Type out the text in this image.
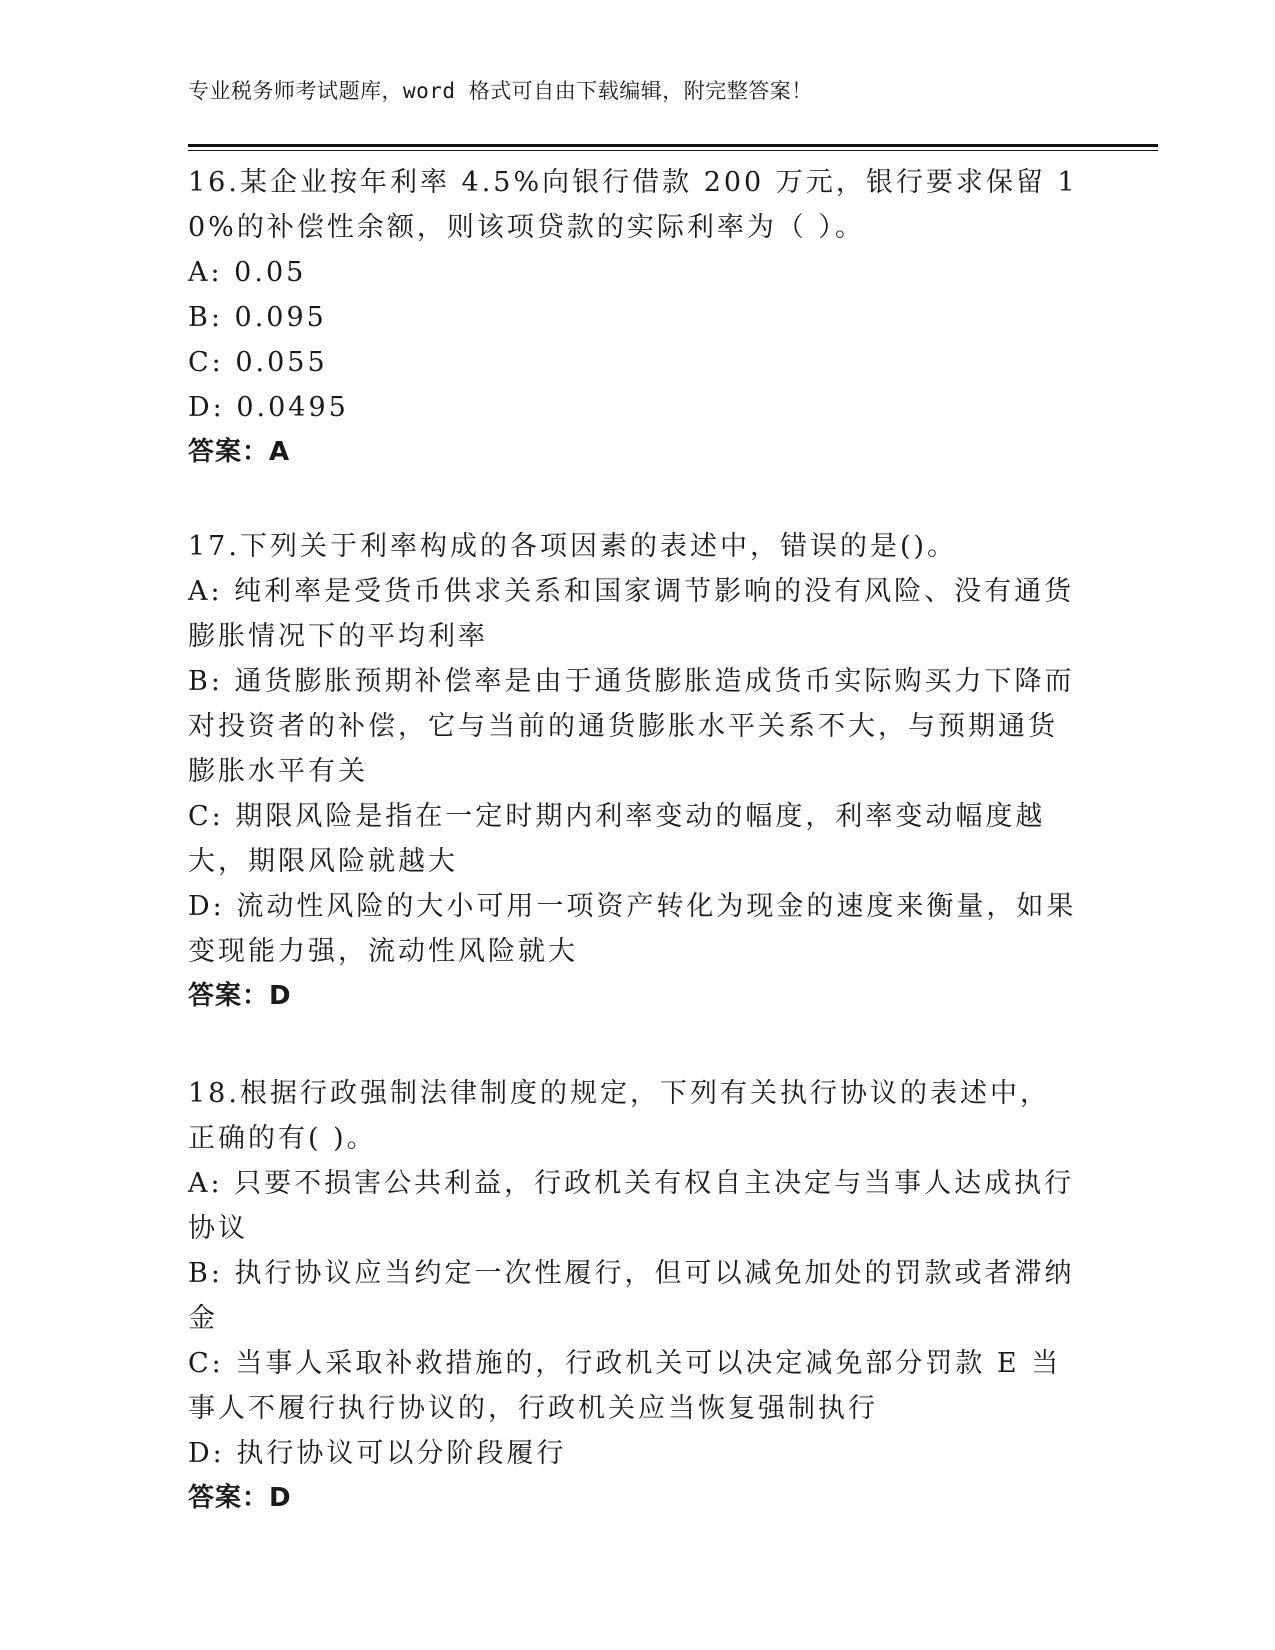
专业税务师考试题库，word 格式可自由下载编辑，附完整答案！

16.某企业按年利率 4.5%向银行借款 200 万元，银行要求保留 10%的补偿性余额，则该项贷款的实际利率为（ ）。

A: 0.05

B: 0.095

C: 0.055

D: 0.0495

答案：A

17.下列关于利率构成的各项因素的表述中，错误的是()。

A: 纯利率是受货币供求关系和国家调节影响的没有风险、没有通货膨胀情况下的平均利率

B: 通货膨胀预期补偿率是由于通货膨胀造成货币实际购买力下降而对投资者的补偿，它与当前的通货膨胀水平关系不大，与预期通货膨胀水平有关

C: 期限风险是指在一定时期内利率变动的幅度，利率变动幅度越大，期限风险就越大

D: 流动性风险的大小可用一项资产转化为现金的速度来衡量，如果变现能力强，流动性风险就大

答案：D

18.根据行政强制法律制度的规定，下列有关执行协议的表述中，正确的有( )。

A: 只要不损害公共利益，行政机关有权自主决定与当事人达成执行协议

B: 执行协议应当约定一次性履行，但可以减免加处的罚款或者滞纳金

C: 当事人采取补救措施的，行政机关可以决定减免部分罚款 E 当事人不履行执行协议的，行政机关应当恢复强制执行

D: 执行协议可以分阶段履行

答案：D
